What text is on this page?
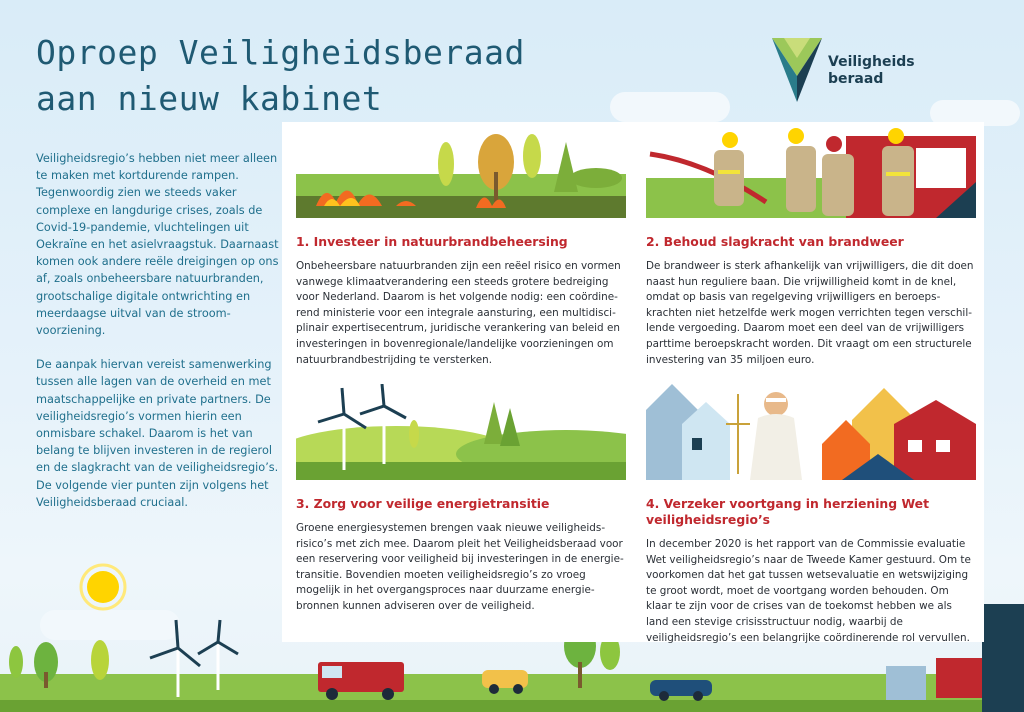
Oproep Veiligheidsberaad
aan nieuw kabinet
Veiligheids
beraad

Veiligheidsregio’s hebben niet meer alleen te maken met kortdurende rampen. Tegenwoordig zien we steeds vaker complexe en langdurige crises, zoals de Covid-19-pandemie, vluchtelingen uit Oekraïne en het asielvraagstuk. Daarnaast komen ook andere reële dreigingen op ons af, zoals onbeheersbare natuurbranden, grootschalige digitale ontwrichting en meerdaagse uitval van de stroomvoorziening.

De aanpak hiervan vereist samenwerking tussen alle lagen van de overheid en met maatschappelijke en private partners. De veiligheidsregio’s vormen hierin een onmisbare schakel. Daarom is het van belang te blijven investeren in de regierol en de slagkracht van de veiligheidsregio’s. De volgende vier punten zijn volgens het Veiligheidsberaad cruciaal.

1. Investeer in natuurbrandbeheersing

Onbeheersbare natuurbranden zijn een reëel risico en vormen vanwege klimaatverandering een steeds grotere bedreiging voor Nederland. Daarom is het volgende nodig: een coördinerend ministerie voor een integrale aansturing, een multidisciplinair expertisecentrum, juridische verankering van beleid en investeringen in bovenregionale/landelijke voorzieningen om natuurbrandbestrijding te versterken.

2. Behoud slagkracht van brandweer

De brandweer is sterk afhankelijk van vrijwilligers, die dit doen naast hun reguliere baan. Die vrijwilligheid komt in de knel, omdat op basis van regelgeving vrijwilligers en beroepskrachten niet hetzelfde werk mogen verrichten tegen verschillende vergoeding. Daarom moet een deel van de vrijwilligers parttime beroepskracht worden. Dit vraagt om een structurele investering van 35 miljoen euro.

3. Zorg voor veilige energietransitie

Groene energiesystemen brengen vaak nieuwe veiligheidsrisico’s met zich mee. Daarom pleit het Veiligheidsberaad voor een reservering voor veiligheid bij investeringen in de energietransitie. Bovendien moeten veiligheidsregio’s zo vroeg mogelijk in het overgangsproces naar duurzame energiebronnen kunnen adviseren over de veiligheid.

4. Verzeker voortgang in herziening Wet veiligheidsregio’s

In december 2020 is het rapport van de Commissie evaluatie Wet veiligheidsregio’s naar de Tweede Kamer gestuurd. Om te voorkomen dat het gat tussen wetsevaluatie en wetswijziging te groot wordt, moet de voortgang worden behouden. Om klaar te zijn voor de crises van de toekomst hebben we als land een stevige crisisstructuur nodig, waarbij de veiligheidsregio’s een belangrijke coördinerende rol vervullen.
